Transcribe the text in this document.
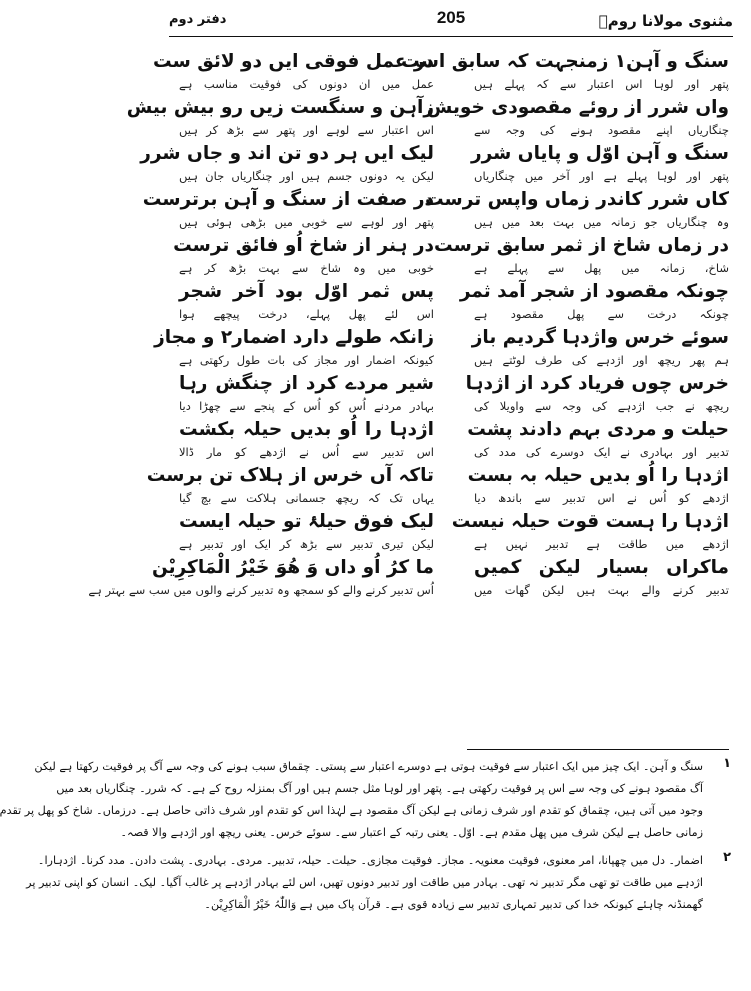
مثنوی مولانا رومؒ
205
دفتر دوم
سنگ و آہن۱ زمنجہت کہ سابق است
پتھر اور لوہا اس اعتبار سے کہ پہلے ہیں
واں شرر از روئے مقصودی خویش
چنگاریاں اپنے مقصود ہونے کی وجہ سے
سنگ و آہن اوّل و پایاں شرر
پتھر اور لوہا پہلے ہے اور آخر میں چنگاریاں
کاں شرر کاندر زماں واپس ترست
وہ چنگاریاں جو زمانہ میں بہت بعد میں ہیں
در زماں شاخ از ثمر سابق ترست
شاخ، زمانہ میں پھل سے پہلے ہے
چونکہ مقصود از شجر آمد ثمر
چونکہ درخت سے پھل مقصود ہے
سوئے خرس واژدہا گردیم باز
ہم پھر ریچھ اور اژدہے کی طرف لوٹتے ہیں
خرس چوں فریاد کرد از اژدہا
ریچھ نے جب اژدہے کی وجہ سے واویلا کی
حیلت و مردی بہم دادند پشت
تدبیر اور بہادری نے ایک دوسرے کی مدد کی
اژدہا را اُو بدیں حیلہ بہ بست
اژدھے کو اُس نے اس تدبیر سے باندھ دیا
اژدہا را ہست قوت حیلہ نیست
اژدھے میں طاقت ہے تدبیر نہیں ہے
ماکراں بسیار لیکن کمیں
تدبیر کرنے والے بہت ہیں لیکن گھات میں
در عمل فوقی ایں دو لائق ست
عمل میں ان دونوں کی فوقیت مناسب ہے
زآہن و سنگست زیں رو بیش بیش
اس اعتبار سے لوہے اور پتھر سے بڑھ کر ہیں
لیک ایں ہر دو تن اند و جاں شرر
لیکن یہ دونوں جسم ہیں اور چنگاریاں جان ہیں
در صفت از سنگ و آہن برترست
پتھر اور لوہے سے خوبی میں بڑھی ہوئی ہیں
در ہنر از شاخ اُو فائق ترست
خوبی میں وہ شاخ سے بہت بڑھ کر ہے
پس ثمر اوّل بود آخر شجر
اس لئے پھل پہلے، درخت پیچھے ہوا
زانکہ طولے دارد اضمار۲ و مجاز
کیونکہ اضمار اور مجاز کی بات طول رکھتی ہے
شیر مردے کرد از چنگش رہا
بہادر مردنے اُس کو اُس کے پنجے سے چھڑا دیا
اژدہا را اُو بدیں حیلہ بکشت
اس تدبیر سے اُس نے اژدھے کو مار ڈالا
تاکہ آں خرس از ہلاک تن برست
یہاں تک کہ ریچھ جسمانی ہلاکت سے بچ گیا
لیک فوق حیلۂ تو حیلہ ایست
لیکن تیری تدبیر سے بڑھ کر ایک اور تدبیر ہے
ما کرُ اُو داں وَ ھُوَ خَیْرُ الْمَاکِرِیْن
اُس تدبیر کرنے والے کو سمجھ وہ تدبیر کرنے والوں میں سب سے بہتر ہے
۱
سنگ و آہن۔ ایک چیز میں ایک اعتبار سے فوقیت ہوتی ہے دوسرے اعتبار سے پستی۔ چقماق سبب ہونے کی وجہ سے آگ پر فوقیت رکھتا ہے لیکن
آگ مقصود ہونے کی وجہ سے اس پر فوقیت رکھتی ہے۔ پتھر اور لوہا مثل جسم ہیں اور آگ بمنزلہ روح کے ہے۔ کہ شرر۔ چنگاریاں بعد میں
وجود میں آتی ہیں، چقماق کو تقدم اور شرف زمانی ہے لیکن آگ مقصود ہے لہٰذا اس کو تقدم اور شرف ذاتی حاصل ہے۔ درزماں۔ شاخ کو پھل پر تقدم
زمانی حاصل ہے لیکن شرف میں پھل مقدم ہے۔ اوّل۔ یعنی رتبہ کے اعتبار سے۔ سوئے خرس۔ یعنی ریچھ اور اژدہے والا قصہ۔
۲
اضمار۔ دل میں چھپانا، امر معنوی، فوقیت معنویہ۔ مجاز۔ فوقیت مجازی۔ حیلت۔ حیلہ، تدبیر۔ مردی۔ بہادری۔ پشت دادن۔ مدد کرنا۔ اژدہارا۔
اژدہے میں طاقت تو تھی مگر تدبیر نہ تھی۔ بہادر میں طاقت اور تدبیر دونوں تھیں، اس لئے بہادر اژدہے پر غالب آگیا۔ لیک۔ انسان کو اپنی تدبیر پر
گھمنڈنہ چاہئے کیونکہ خدا کی تدبیر تمہاری تدبیر سے زیادہ قوی ہے۔ قرآن پاک میں ہے وَاللّٰہُ خَیْرُ الْمَاکِرِیْن۔
